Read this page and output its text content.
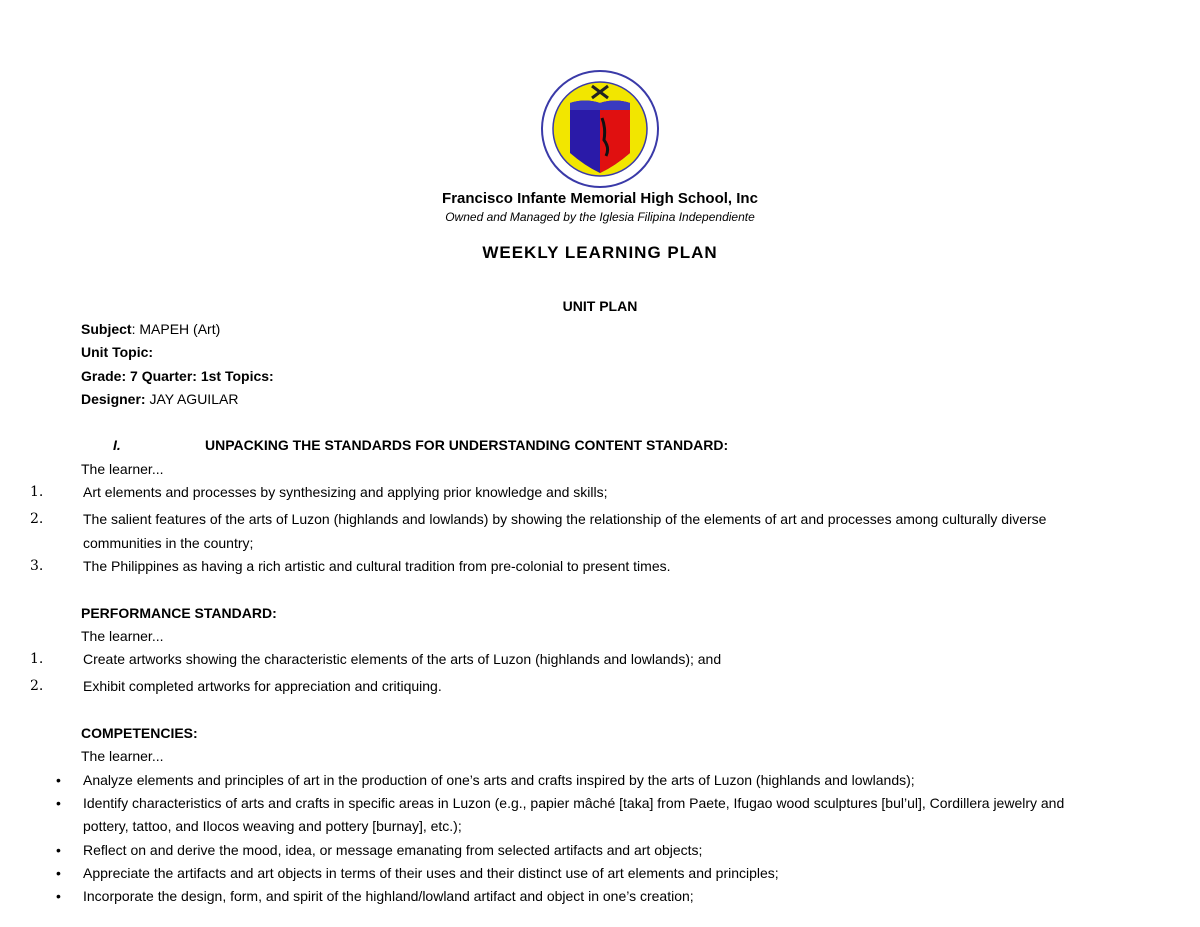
Francisco Infante Memorial High School, Inc
Owned and Managed by the Iglesia Filipina Independiente
WEEKLY LEARNING PLAN
UNIT PLAN
Subject: MAPEH (Art)
Unit Topic:
Grade: 7 Quarter: 1st Topics:
Designer: JAY AGUILAR
I.	UNPACKING THE STANDARDS FOR UNDERSTANDING CONTENT STANDARD:
The learner...
1.	Art elements and processes by synthesizing and applying prior knowledge and skills;
2.	The salient features of the arts of Luzon (highlands and lowlands) by showing the relationship of the elements of art and processes among culturally diverse communities in the country;
3.	The Philippines as having a rich artistic and cultural tradition from pre-colonial to present times.
PERFORMANCE STANDARD:
The learner...
1.	Create artworks showing the characteristic elements of the arts of Luzon (highlands and lowlands); and
2.	Exhibit completed artworks for appreciation and critiquing.
COMPETENCIES:
The learner...
• Analyze elements and principles of art in the production of one’s arts and crafts inspired by the arts of Luzon (highlands and lowlands);
• Identify characteristics of arts and crafts in specific areas in Luzon (e.g., papier mâché [taka] from Paete, Ifugao wood sculptures [bul’ul], Cordillera jewelry and pottery, tattoo, and Ilocos weaving and pottery [burnay], etc.);
• Reflect on and derive the mood, idea, or message emanating from selected artifacts and art objects;
• Appreciate the artifacts and art objects in terms of their uses and their distinct use of art elements and principles;
• Incorporate the design, form, and spirit of the highland/lowland artifact and object in one’s creation;
